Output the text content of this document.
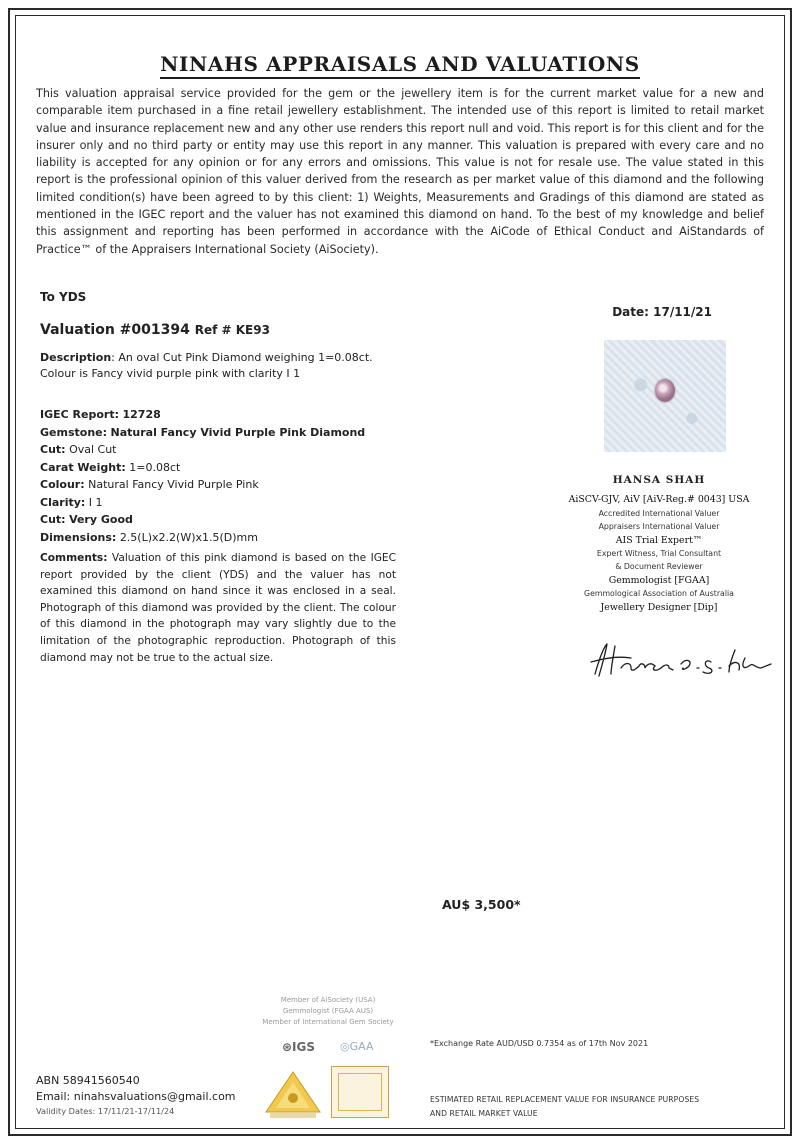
NINAHS APPRAISALS AND VALUATIONS
This valuation appraisal service provided for the gem or the jewellery item is for the current market value for a new and comparable item purchased in a fine retail jewellery establishment. The intended use of this report is limited to retail market value and insurance replacement new and any other use renders this report null and void. This report is for this client and for the insurer only and no third party or entity may use this report in any manner. This valuation is prepared with every care and no liability is accepted for any opinion or for any errors and omissions. This value is not for resale use. The value stated in this report is the professional opinion of this valuer derived from the research as per market value of this diamond and the following limited condition(s) have been agreed to by this client: 1) Weights, Measurements and Gradings of this diamond are stated as mentioned in the IGEC report and the valuer has not examined this diamond on hand. To the best of my knowledge and belief this assignment and reporting has been performed in accordance with the AiCode of Ethical Conduct and AiStandards of Practice™ of the Appraisers International Society (AiSociety).
To YDS
Date: 17/11/21
Valuation #001394 Ref # KE93
Description: An oval Cut Pink Diamond weighing 1=0.08ct. Colour is Fancy vivid purple pink with clarity I 1
IGEC Report: 12728
Gemstone: Natural Fancy Vivid Purple Pink Diamond
Cut: Oval Cut
Carat Weight: 1=0.08ct
Colour: Natural Fancy Vivid Purple Pink
Clarity: I 1
Cut: Very Good
Dimensions: 2.5(L)x2.2(W)x1.5(D)mm
Comments: Valuation of this pink diamond is based on the IGEC report provided by the client (YDS) and the valuer has not examined this diamond on hand since it was enclosed in a seal. Photograph of this diamond was provided by the client. The colour of this diamond in the photograph may vary slightly due to the limitation of the photographic reproduction. Photograph of this diamond may not be true to the actual size.
HANSA SHAH
AiSCV-GJV, AiV [AiV-Reg.# 0043] USA
Accredited International Valuer
Appraisers International Valuer
AIS Trial Expert™
Expert Witness, Trial Consultant
& Document Reviewer
Gemmologist [FGAA]
Gemmological Association of Australia
Jewellery Designer [Dip]
AU$ 3,500*
Member of AiSociety (USA)
Gemmologist (FGAA AUS)
Member of International Gem Society
⊛IGS ◎GAA	*Exchange Rate AUD/USD 0.7354 as of 17th Nov 2021
ABN 58941560540
Email: ninahsvaluations@gmail.com
Validity Dates: 17/11/21-17/11/24
ESTIMATED RETAIL REPLACEMENT VALUE FOR INSURANCE PURPOSES
AND RETAIL MARKET VALUE
